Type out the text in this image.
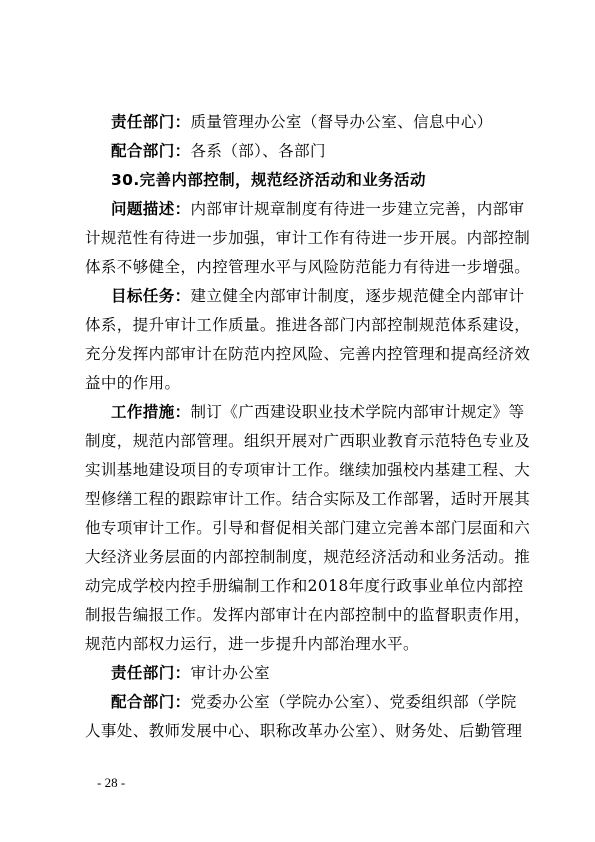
责任部门：质量管理办公室（督导办公室、信息中心）
配合部门：各系（部）、各部门
30.完善内部控制，规范经济活动和业务活动
问题描述：内部审计规章制度有待进一步建立完善，内部审
计规范性有待进一步加强，审计工作有待进一步开展。内部控制
体系不够健全，内控管理水平与风险防范能力有待进一步增强。
目标任务：建立健全内部审计制度，逐步规范健全内部审计
体系，提升审计工作质量。推进各部门内部控制规范体系建设，
充分发挥内部审计在防范内控风险、完善内控管理和提高经济效
益中的作用。
工作措施：制订《广西建设职业技术学院内部审计规定》等
制度，规范内部管理。组织开展对广西职业教育示范特色专业及
实训基地建设项目的专项审计工作。继续加强校内基建工程、大
型修缮工程的跟踪审计工作。结合实际及工作部署，适时开展其
他专项审计工作。引导和督促相关部门建立完善本部门层面和六
大经济业务层面的内部控制制度，规范经济活动和业务活动。推
动完成学校内控手册编制工作和2018年度行政事业单位内部控
制报告编报工作。发挥内部审计在内部控制中的监督职责作用，
规范内部权力运行，进一步提升内部治理水平。
责任部门：审计办公室
配合部门：党委办公室（学院办公室）、党委组织部（学院
人事处、教师发展中心、职称改革办公室）、财务处、后勤管理
- 28 -
